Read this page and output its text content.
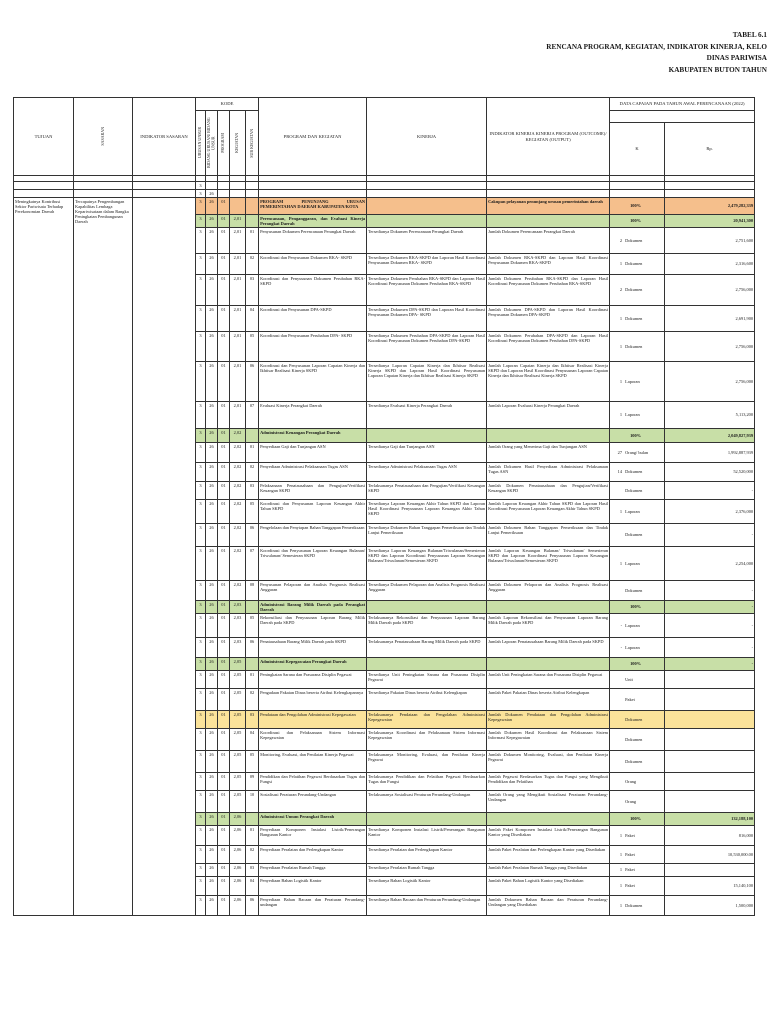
TABEL 6.1
RENCANA PROGRAM, KEGIATAN, INDIKATOR KINERJA, KELO
DINAS PARIWISA
KABUPATEN BUTON TAHUN
TUJUAN	SASARAN	INDIKATOR SASARAN	KODE					PROGRAM DAN KEGIATAN	KINERJA	INDIKATOR KINERJA KINERJA PROGRAM (OUTCOME)/ KEGIATAN (OUTPUT)	DATA CAPAIAN PADA TAHUN AWAL PERENCANAAN (2022)	

			URUSAN UNSUR	BIDANG URUSAN/ BIDANG UNSUR	PROGRAM	KEGIATAN	SUB KEGIATAN					

											K	Rp.

			3									
			3	26								
Meningkatnya Kontribusi Sektor Pariwisata Terhadap Perekonomian Daerah	Tercapainya Pengembangan Kapabilitas Lembaga Kepariwisataan dalam Rangka Peningkatan Pembangunan Daerah		3	26	01			PROGRAM PENUNJANG URUSAN PEMERINTAHAN DAERAH KABUPATEN/KOTA		Cakupan pelayanan penunjang urusan pemerintahan daerah	100%	2,479,282,339
			3	26	01	2,01		Perencanaan, Penganggaran, dan Evaluasi Kinerja Perangkat Daerah			100%	20,941,300
			3	26	01	2,01	01	Penyusunan Dokumen Perencanaan Perangkat Daerah	Tersedianya Dokumen Perencanaan Perangkat Daerah	Jumlah Dokumen Perencanaan Perangkat Daerah	2 Dokumen	2,751,600
			3	26	01	2,01	02	Koordinasi dan Penyusunan Dokumen RKA- SKPD	Tersedianya Dokumen RKA-SKPD dan Laporan Hasil Koordinasi Penyusunan Dokumen RKA- SKPD	Jumlah Dokumen RKA-SKPD dan Laporan Hasil Koordinasi Penyusunan Dokumen RKA-SKPD	1 Dokumen	2,316,600
			3	26	01	2,01	03	Koordinasi dan Penyusunan Dokumen Perubahan RKA-SKPD	Tersedianya Dokumen Perubahan RKA-SKPD dan Laporan Hasil Koordinasi Penyusunan Dokumen Perubahan RKA-SKPD	Jumlah Dokumen Perubahan RKA-SKPD dan Laporan Hasil Koordinasi Penyusunan Dokumen Perubahan RKA-SKPD	2 Dokumen	2,756,000
			3	26	01	2,01	04	Koordinasi dan Penyusunan DPA-SKPD	Tersedianya Dokumen DPA-SKPD dan Laporan Hasil Koordinasi Penyusunan Dokumen DPA- SKPD	Jumlah Dokumen DPA-SKPD dan Laporan Hasil Koordinasi Penyusunan Dokumen DPA-SKPD	1 Dokumen	2,691,900
			3	26	01	2,01	05	Koordinasi dan Penyusunan Perubahan DPA- SKPD	Tersedianya Dokumen Perubahan DPA-SKPD dan Laporan Hasil Koordinasi Penyusunan Dokumen Perubahan DPA-SKPD	Jumlah Dokumen Perubahan DPA-SKPD dan Laporan Hasil Koordinasi Penyusunan Dokumen Perubahan DPA-SKPD	1 Dokumen	2,756,000
			3	26	01	2,01	06	Koordinasi dan Penyusunan Laporan Capaian Kinerja dan Ikhtisar Realisasi Kinerja SKPD	Tersedianya Laporan Capaian Kinerja dan Ikhtisar Realisasi Kinerja SKPD dan Laporan Hasil Koordinasi Penyusunan Laporan Capaian Kinerja dan Ikhtisar Realisasi Kinerja SKPD	Jumlah Laporan Capaian Kinerja dan Ikhtisar Realisasi Kinerja SKPD dan Laporan Hasil Koordinasi Penyusunan Laporan Capaian Kinerja dan Ikhtisar Realisasi Kinerja SKPD	1 Laporan	2,756,000
			3	26	01	2,01	07	Evaluasi Kinerja Perangkat Daerah	Tersedianya Evaluasi Kinerja Perangkat Daerah	Jumlah Laporan Evaluasi Kinerja Perangkat Daerah	1 Laporan	5,113,200
			3	26	01	2,02		Administrasi Keuangan Perangkat Daerah			100%	2,049,827,939
			3	26	01	2,02	01	Penyediaan Gaji dan Tunjangan ASN	Tersedianya Gaji dan Tunjangan ASN	Jumlah Orang yang Menerima Gaji dan Tunjangan ASN	27 Orang/ bulan	1,992,887,939
			3	26	01	2,02	02	Penyediaan Administrasi Pelaksanaan Tugas ASN	Tersedianya Administrasi Pelaksanaan Tugas ASN	Jumlah Dokumen Hasil Penyediaan Administrasi Pelaksanaan Tugas ASN	14 Dokumen	52,520,000
			3	26	01	2,02	03	Pelaksanaan Penatausahaan dan Pengujian/Verifikasi Keuangan SKPD	Terlaksananya Penatausahaan dan Pengujian/Verifikasi Keuangan SKPD	Jumlah Dokumen Penatausahaan dan Pengujian/Verifikasi Keuangan SKPD	Dokumen	-
			3	26	01	2,02	05	Koordinasi dan Penyusunan Laporan Keuangan Akhir Tahun SKPD	Tersedianya Laporan Keuangan Akhir Tahun SKPD dan Laporan Hasil Koordinasi Penyusunan Laporan Keuangan Akhir Tahun SKPD	Jumlah Laporan Keuangan Akhir Tahun SKPD dan Laporan Hasil Koordinasi Penyusunan Laporan Keuangan Akhir Tahun SKPD	1 Laporan	2,376,000
			3	26	01	2,02	06	Pengelolaan dan Penyiapan Bahan Tanggapan Pemeriksaan	Tersedianya Dokumen Bahan Tanggapan Pemeriksaan dan Tindak Lanjut Pemeriksaan	Jumlah Dokumen Bahan Tanggapan Pemeriksaan dan Tindak Lanjut Pemeriksaan	Dokumen	-
			3	26	01	2,02	07	Koordinasi dan Penyusunan Laporan Keuangan Bulanan/ Triwulanan/ Semesteran SKPD	Tersedianya Laporan Keuangan Bulanan/Triwulanan/Semesteran SKPD dan Laporan Koordinasi Penyusunan Laporan Keuangan Bulanan/Triwulanan/Semesteran SKPD	Jumlah Laporan Keuangan Bulanan/ Triwulanan/ Semesteran SKPD dan Laporan Koordinasi Penyusunan Laporan Keuangan Bulanan/Triwulanan/Semesteran SKPD	1 Laporan	2,254,000
			3	26	01	2,02	08	Penyusunan Pelaporan dan Analisis Prognosis Realisasi Anggaran	Tersedianya Dokumen Pelaporan dan Analisis Prognosis Realisasi Anggaran	Jumlah Dokumen Pelaporan dan Analisis Prognosis Realisasi Anggaran	Dokumen	-
			3	26	01	2,03		Administrasi Barang Milik Daerah pada Perangkat Daerah			100%	-
			3	26	01	2,03	05	Rekonsiliasi dan Penyusunan Laporan Barang Milik Daerah pada SKPD	Terlaksananya Rekonsiliasi dan Penyusunan Laporan Barang Milik Daerah pada SKPD	Jumlah Laporan Rekonsiliasi dan Penyusunan Laporan Barang Milik Daerah pada SKPD	- Laporan	-
			3	26	01	2,03	06	Penatausahaan Barang Milik Daerah pada SKPD	Terlaksananya Penatausahaan Barang Milik Daerah pada SKPD	Jumlah Laporan Penatausahaan Barang Milik Daerah pada SKPD	- Laporan	-
			3	26	01	2,05		Administrasi Kepegawaian Perangkat Daerah			100%	-
			3	26	01	2,05	01	Peningkatan Sarana dan Prasarana Disiplin Pegawai	Tersedianya Unit Peningkatan Sarana dan Prasarana Disiplin Pegawai	Jumlah Unit Peningkatan Sarana dan Prasarana Disiplin Pegawai	Unit	
			3	26	01	2,05	02	Pengadaan Pakaian Dinas beserta Atribut Kelengkapannya	Tersedianya Pakaian Dinas beserta Atribut Kelengkapan	Jumlah Paket Pakaian Dinas beserta Atribut Kelengkapan	Paket	
			3	26	01	2,05	03	Pendataan dan Pengolahan Administrasi Kepegawaian	Terlaksananya Pendataan dan Pengolahan Administrasi Kepegawaian	Jumlah Dokumen Pendataan dan Pengolahan Administrasi Kepegawaian	Dokumen	
			3	26	01	2,05	04	Koordinasi dan Pelaksanaan Sistem Informasi Kepegawaian	Terlaksananya Koordinasi dan Pelaksanaan Sistem Informasi Kepegawaian	Jumlah Dokumen Hasil Koordinasi dan Pelaksanaan Sistem Informasi Kepegawaian	Dokumen	
			3	26	01	2,05	05	Monitoring, Evaluasi, dan Penilaian Kinerja Pegawai	Terlaksananya Monitoring, Evaluasi, dan Penilaian Kinerja Pegawai	Jumlah Dokumen Monitoring, Evaluasi, dan Penilaian Kinerja Pegawai	Dokumen	
			3	26	01	2,05	09	Pendidikan dan Pelatihan Pegawai Berdasarkan Tugas dan Fungsi	Terlaksananya Pendidikan dan Pelatihan Pegawai Berdasarkan Tugas dan Fungsi	Jumlah Pegawai Berdasarkan Tugas dan Fungsi yang Mengikuti Pendidikan dan Pelatihan	Orang	
			3	26	01	2,05	10	Sosialisasi Peraturan Perundang-Undangan	Terlaksananya Sosialisasi Peraturan Perundang-Undangan	Jumlah Orang yang Mengikuti Sosialisasi Peraturan Perundang-Undangan	Orang	
			3	26	01	2,06		Administrasi Umum Perangkat Daerah			100%	132,188,100
			3	26	01	2,06	01	Penyediaan Komponen Instalasi Listrik/Penerangan Bangunan Kantor	Tersedianya Komponen Instalasi Listrik/Penerangan Bangunan Kantor	Jumlah Paket Komponen Instalasi Listrik/Penerangan Bangunan Kantor yang Disediakan	1 Paket	816,000
			3	26	01	2,06	02	Penyediaan Peralatan dan Perlengkapan Kantor	Tersedianya Peralatan dan Perlengkapan Kantor	Jumlah Paket Peralatan dan Perlengkapan Kantor yang Disediakan	1 Paket	10,530,000.00
			3	26	01	2,06	03	Penyediaan Peralatan Rumah Tangga	Tersedianya Peralatan Rumah Tangga	Jumlah Paket Peralatan Rumah Tangga yang Disediakan	1 Paket	
			3	26	01	2,06	04	Penyediaan Bahan Logistik Kantor	Tersedianya Bahan Logistik Kantor	Jumlah Paket Bahan Logistik Kantor yang Disediakan	1 Paket	15,140,100
			3	26	01	2,06	06	Penyediaan Bahan Bacaan dan Peraturan Perundang-undangan	Tersedianya Bahan Bacaan dan Peraturan Perundang-Undangan	Jumlah Dokumen Bahan Bacaan dan Peraturan Perundang-Undangan yang Disediakan	1 Dokumen	1,500,000
